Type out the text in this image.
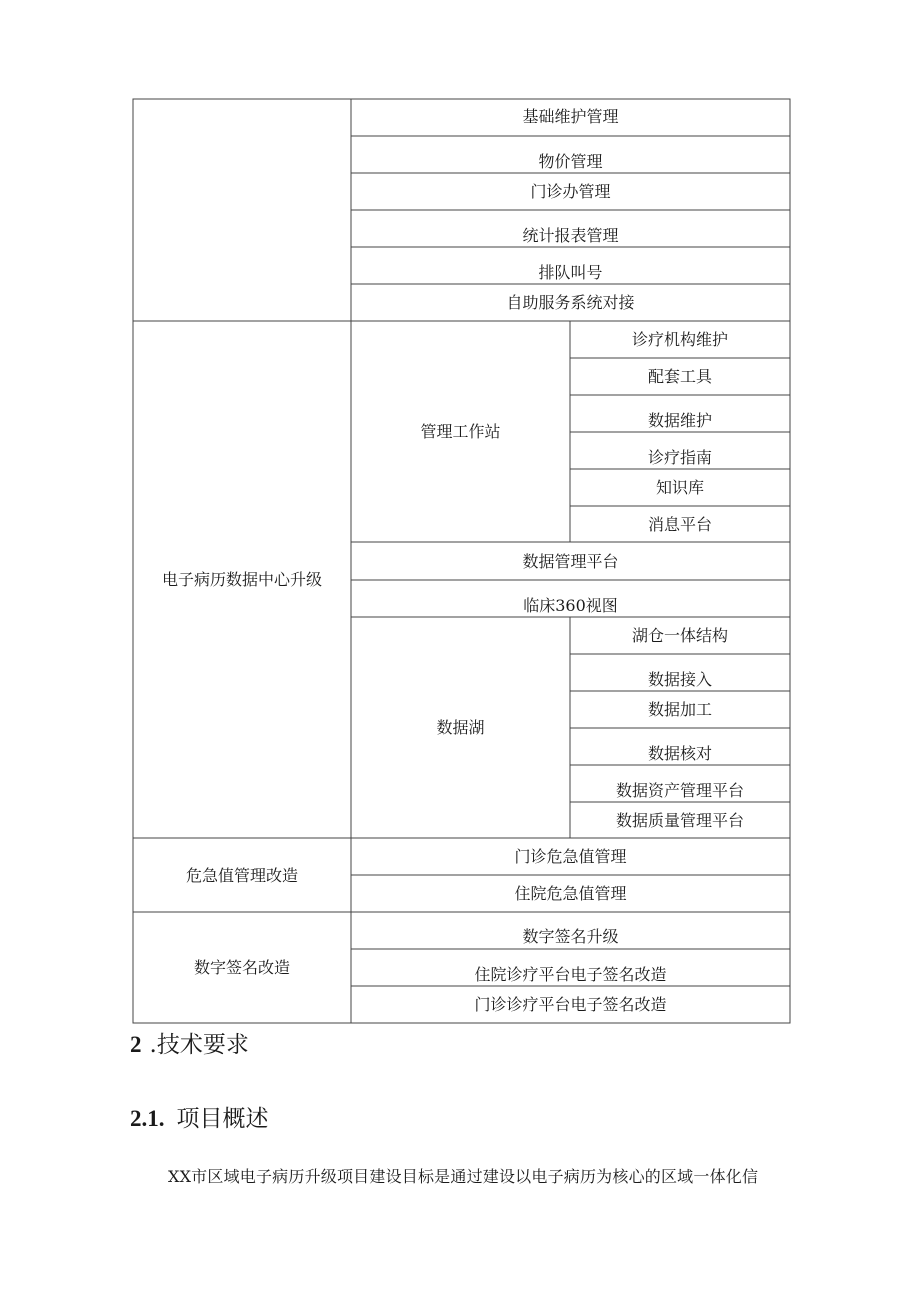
基础维护管理
物价管理
门诊办管理
统计报表管理
排队叫号
自助服务系统对接
电子病历数据中心升级
管理工作站
诊疗机构维护
配套工具
数据维护
诊疗指南
知识库
消息平台
数据管理平台
临床360视图
数据湖
湖仓一体结构
数据接入
数据加工
数据核对
数据资产管理平台
数据质量管理平台
危急值管理改造
门诊危急值管理
住院危急值管理
数字签名改造
数字签名升级
住院诊疗平台电子签名改造
门诊诊疗平台电子签名改造
2 .技术要求
2.1. 项目概述
XX市区域电子病历升级项目建设目标是通过建设以电子病历为核心的区域一体化信
